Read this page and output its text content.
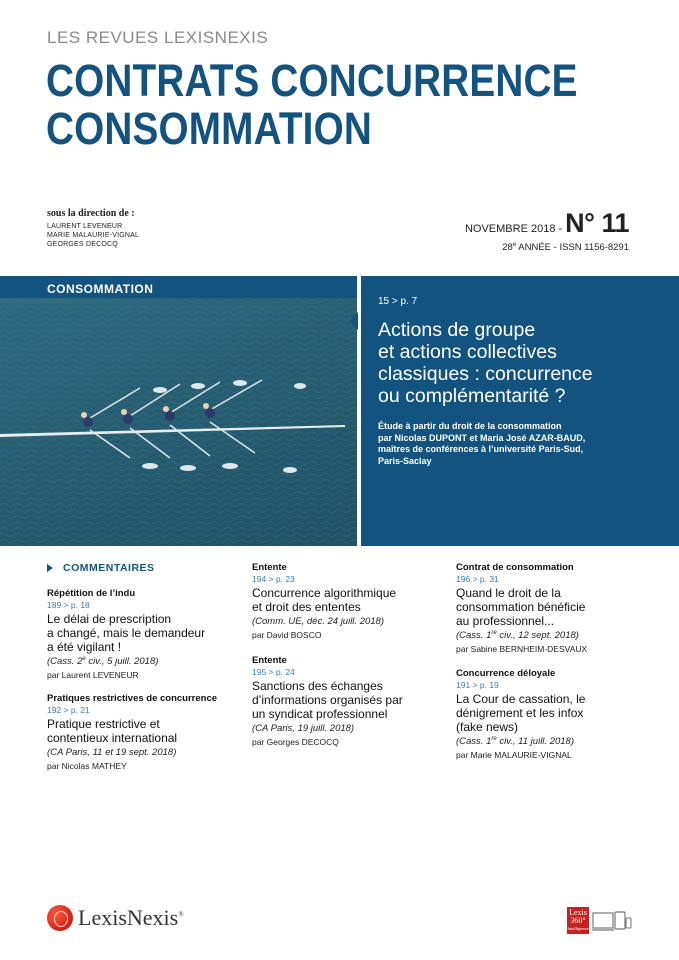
LES REVUES LEXISNEXIS
CONTRATS CONCURRENCE
CONSOMMATION
sous la direction de :
LAURENT LEVENEUR
MARIE MALAURIE-VIGNAL
GEORGES DECOCQ
NOVEMBRE 2018 - N° 11
28e ANNÉE - ISSN 1156-8291
CONSOMMATION
15 > p. 7
Actions de groupe
et actions collectives
classiques : concurrence
ou complémentarité ?
Étude à partir du droit de la consommation
par Nicolas DUPONT et Maria José AZAR-BAUD,
maîtres de conférences à l’université Paris-Sud,
Paris-Saclay
COMMENTAIRES
Répétition de l’indu
189 > p. 18
Le délai de prescription
a changé, mais le demandeur
a été vigilant !
(Cass. 2e civ., 5 juill. 2018)
par Laurent LEVENEUR
Pratiques restrictives de concurrence
192 > p. 21
Pratique restrictive et
contentieux international
(CA Paris, 11 et 19 sept. 2018)
par Nicolas MATHEY
Entente
194 > p. 23
Concurrence algorithmique
et droit des ententes
(Comm. UE, déc. 24 juill. 2018)
par David BOSCO
Entente
195 > p. 24
Sanctions des échanges
d’informations organisés par
un syndicat professionnel
(CA Paris, 19 juill. 2018)
par Georges DECOCQ
Contrat de consommation
196 > p. 31
Quand le droit de la
consommation bénéficie
au professionnel...
(Cass. 1re civ., 12 sept. 2018)
par Sabine BERNHEIM-DESVAUX
Concurrence déloyale
191 > p. 19
La Cour de cassation, le
dénigrement et les infox
(fake news)
(Cass. 1re civ., 11 juill. 2018)
par Marie MALAURIE-VIGNAL
LexisNexis®	Lexis
360°
Intelligence
